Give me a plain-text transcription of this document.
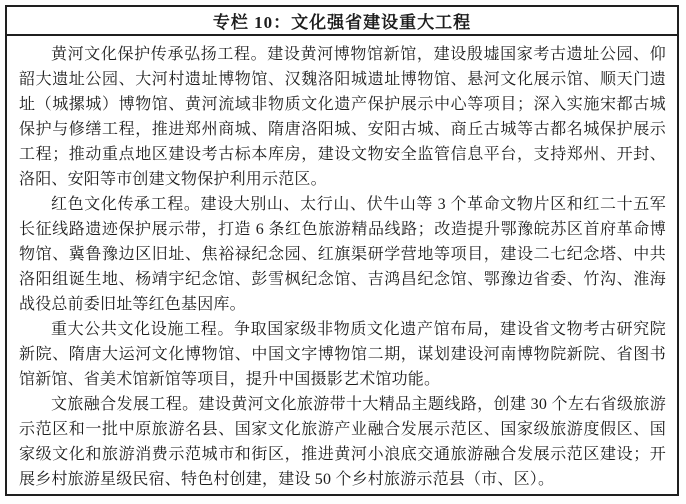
专栏 10：文化强省建设重大工程

黄河文化保护传承弘扬工程。建设黄河博物馆新馆，建设殷墟国家考古遗址公园、仰韶大遗址公园、大河村遗址博物馆、汉魏洛阳城遗址博物馆、悬河文化展示馆、顺天门遗址（城摞城）博物馆、黄河流域非物质文化遗产保护展示中心等项目；深入实施宋都古城保护与修缮工程，推进郑州商城、隋唐洛阳城、安阳古城、商丘古城等古都名城保护展示工程；推动重点地区建设考古标本库房，建设文物安全监管信息平台，支持郑州、开封、洛阳、安阳等市创建文物保护利用示范区。

红色文化传承工程。建设大别山、太行山、伏牛山等 3 个革命文物片区和红二十五军长征线路遗迹保护展示带，打造 6 条红色旅游精品线路；改造提升鄂豫皖苏区首府革命博物馆、冀鲁豫边区旧址、焦裕禄纪念园、红旗渠研学营地等项目，建设二七纪念塔、中共洛阳组诞生地、杨靖宇纪念馆、彭雪枫纪念馆、吉鸿昌纪念馆、鄂豫边省委、竹沟、淮海战役总前委旧址等红色基因库。

重大公共文化设施工程。争取国家级非物质文化遗产馆布局，建设省文物考古研究院新院、隋唐大运河文化博物馆、中国文字博物馆二期，谋划建设河南博物院新院、省图书馆新馆、省美术馆新馆等项目，提升中国摄影艺术馆功能。

文旅融合发展工程。建设黄河文化旅游带十大精品主题线路，创建 30 个左右省级旅游示范区和一批中原旅游名县、国家文化旅游产业融合发展示范区、国家级旅游度假区、国家级文化和旅游消费示范城市和街区，推进黄河小浪底交通旅游融合发展示范区建设；开展乡村旅游星级民宿、特色村创建，建设 50 个乡村旅游示范县（市、区）。
